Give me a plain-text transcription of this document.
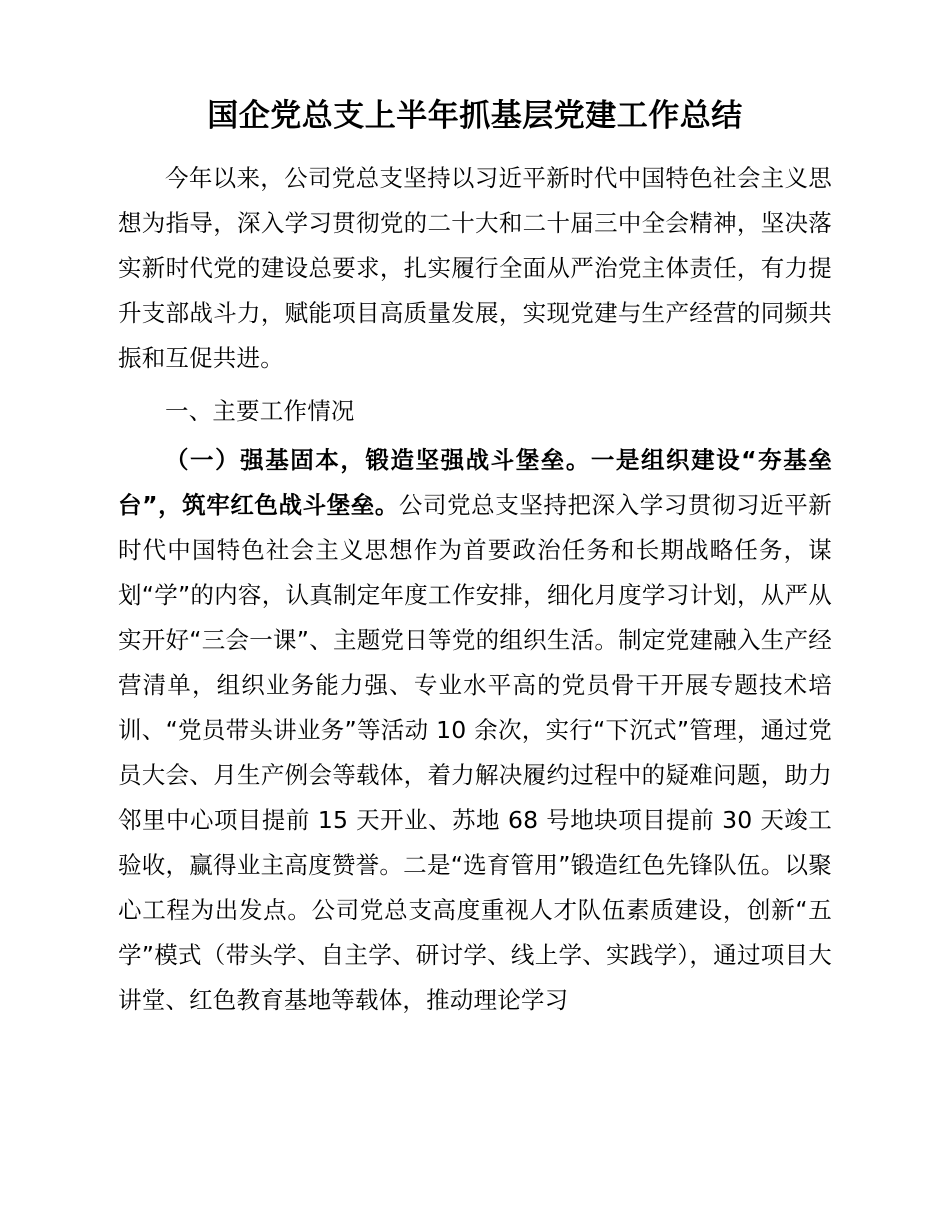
国企党总支上半年抓基层党建工作总结

今年以来，公司党总支坚持以习近平新时代中国特色社会主义思想为指导，深入学习贯彻党的二十大和二十届三中全会精神，坚决落实新时代党的建设总要求，扎实履行全面从严治党主体责任，有力提升支部战斗力，赋能项目高质量发展，实现党建与生产经营的同频共振和互促共进。

一、主要工作情况

（一）强基固本，锻造坚强战斗堡垒。一是组织建设“夯基垒台”，筑牢红色战斗堡垒。公司党总支坚持把深入学习贯彻习近平新时代中国特色社会主义思想作为首要政治任务和长期战略任务，谋划“学”的内容，认真制定年度工作安排，细化月度学习计划，从严从实开好“三会一课”、主题党日等党的组织生活。制定党建融入生产经营清单，组织业务能力强、专业水平高的党员骨干开展专题技术培训、“党员带头讲业务”等活动 10 余次，实行“下沉式”管理，通过党员大会、月生产例会等载体，着力解决履约过程中的疑难问题，助力邻里中心项目提前 15 天开业、苏地 68 号地块项目提前 30 天竣工验收，赢得业主高度赞誉。二是“选育管用”锻造红色先锋队伍。以聚心工程为出发点。公司党总支高度重视人才队伍素质建设，创新“五学”模式（带头学、自主学、研讨学、线上学、实践学），通过项目大讲堂、红色教育基地等载体，推动理论学习
